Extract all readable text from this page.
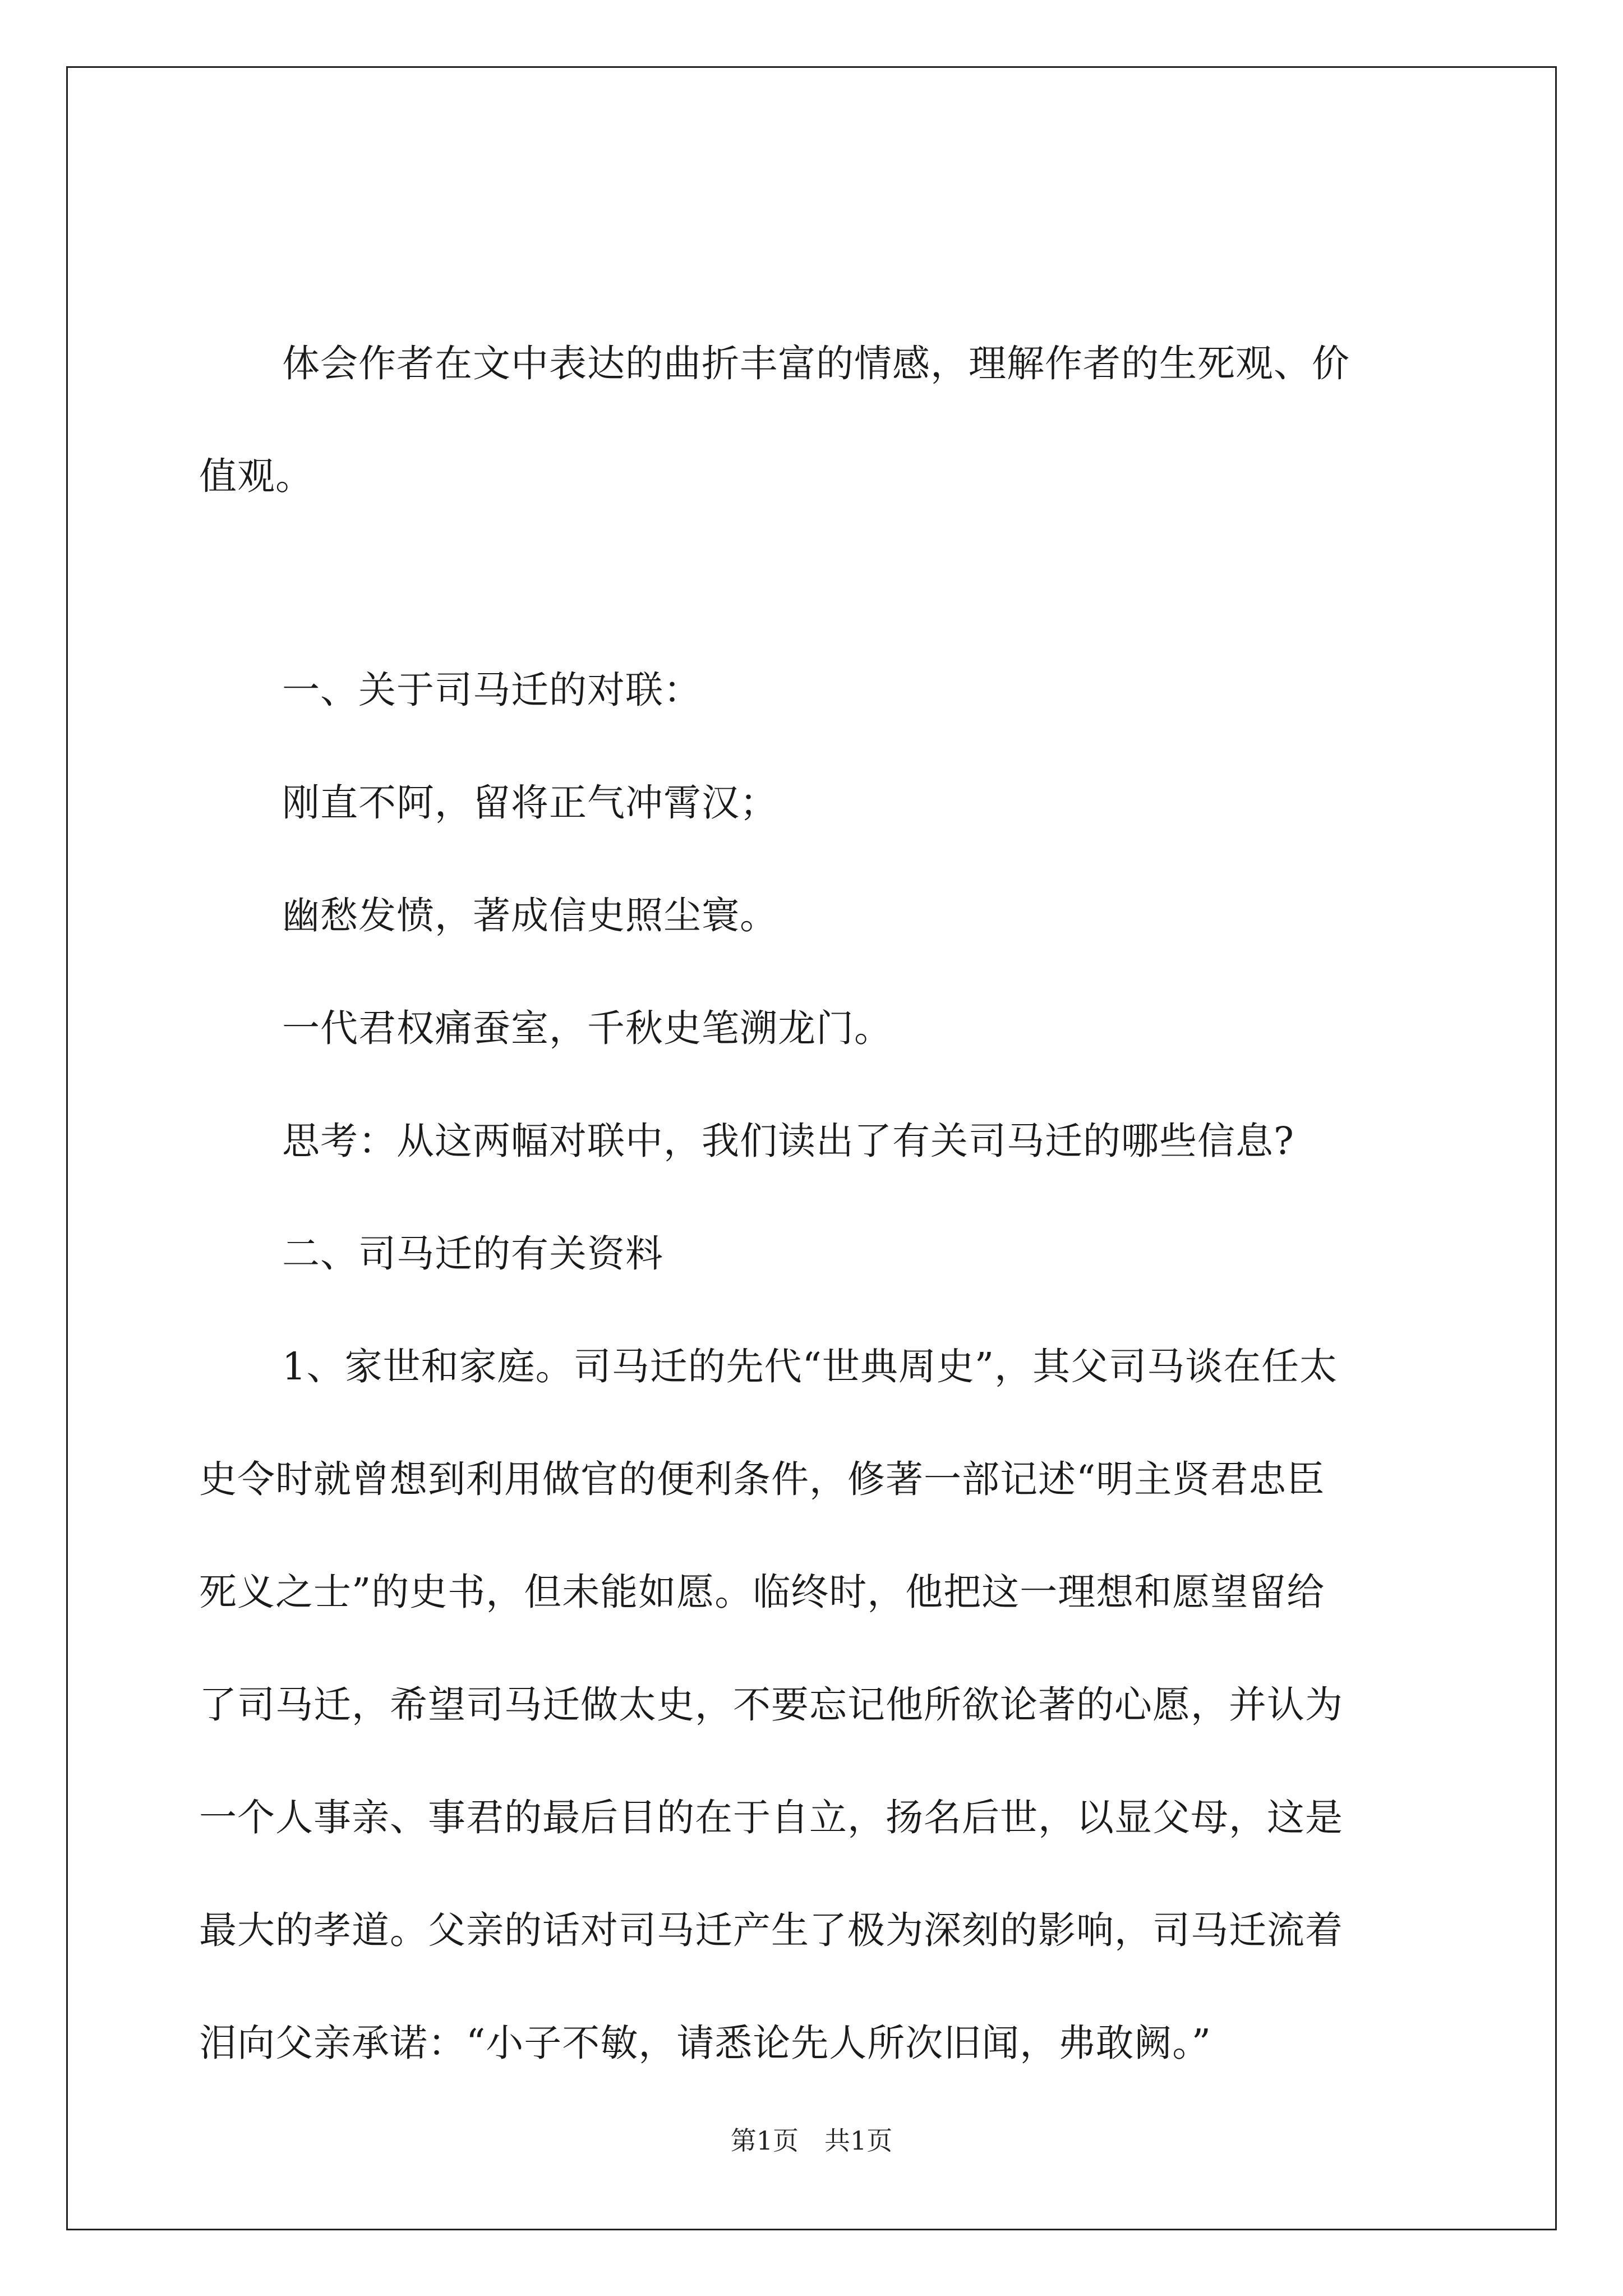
体会作者在文中表达的曲折丰富的情感，理解作者的生死观、价
值观。

一、关于司马迁的对联：

刚直不阿，留将正气冲霄汉；

幽愁发愤，著成信史照尘寰。

一代君权痛蚕室，千秋史笔溯龙门。

思考：从这两幅对联中，我们读出了有关司马迁的哪些信息?

二、司马迁的有关资料

1、家世和家庭。司马迁的先代“世典周史”，其父司马谈在任太
史令时就曾想到利用做官的便利条件，修著一部记述“明主贤君忠臣
死义之士”的史书，但未能如愿。临终时，他把这一理想和愿望留给
了司马迁，希望司马迁做太史，不要忘记他所欲论著的心愿，并认为
一个人事亲、事君的最后目的在于自立，扬名后世，以显父母，这是
最大的孝道。父亲的话对司马迁产生了极为深刻的影响，司马迁流着
泪向父亲承诺：“小子不敏，请悉论先人所次旧闻，弗敢阙。”

第1页　共1页
